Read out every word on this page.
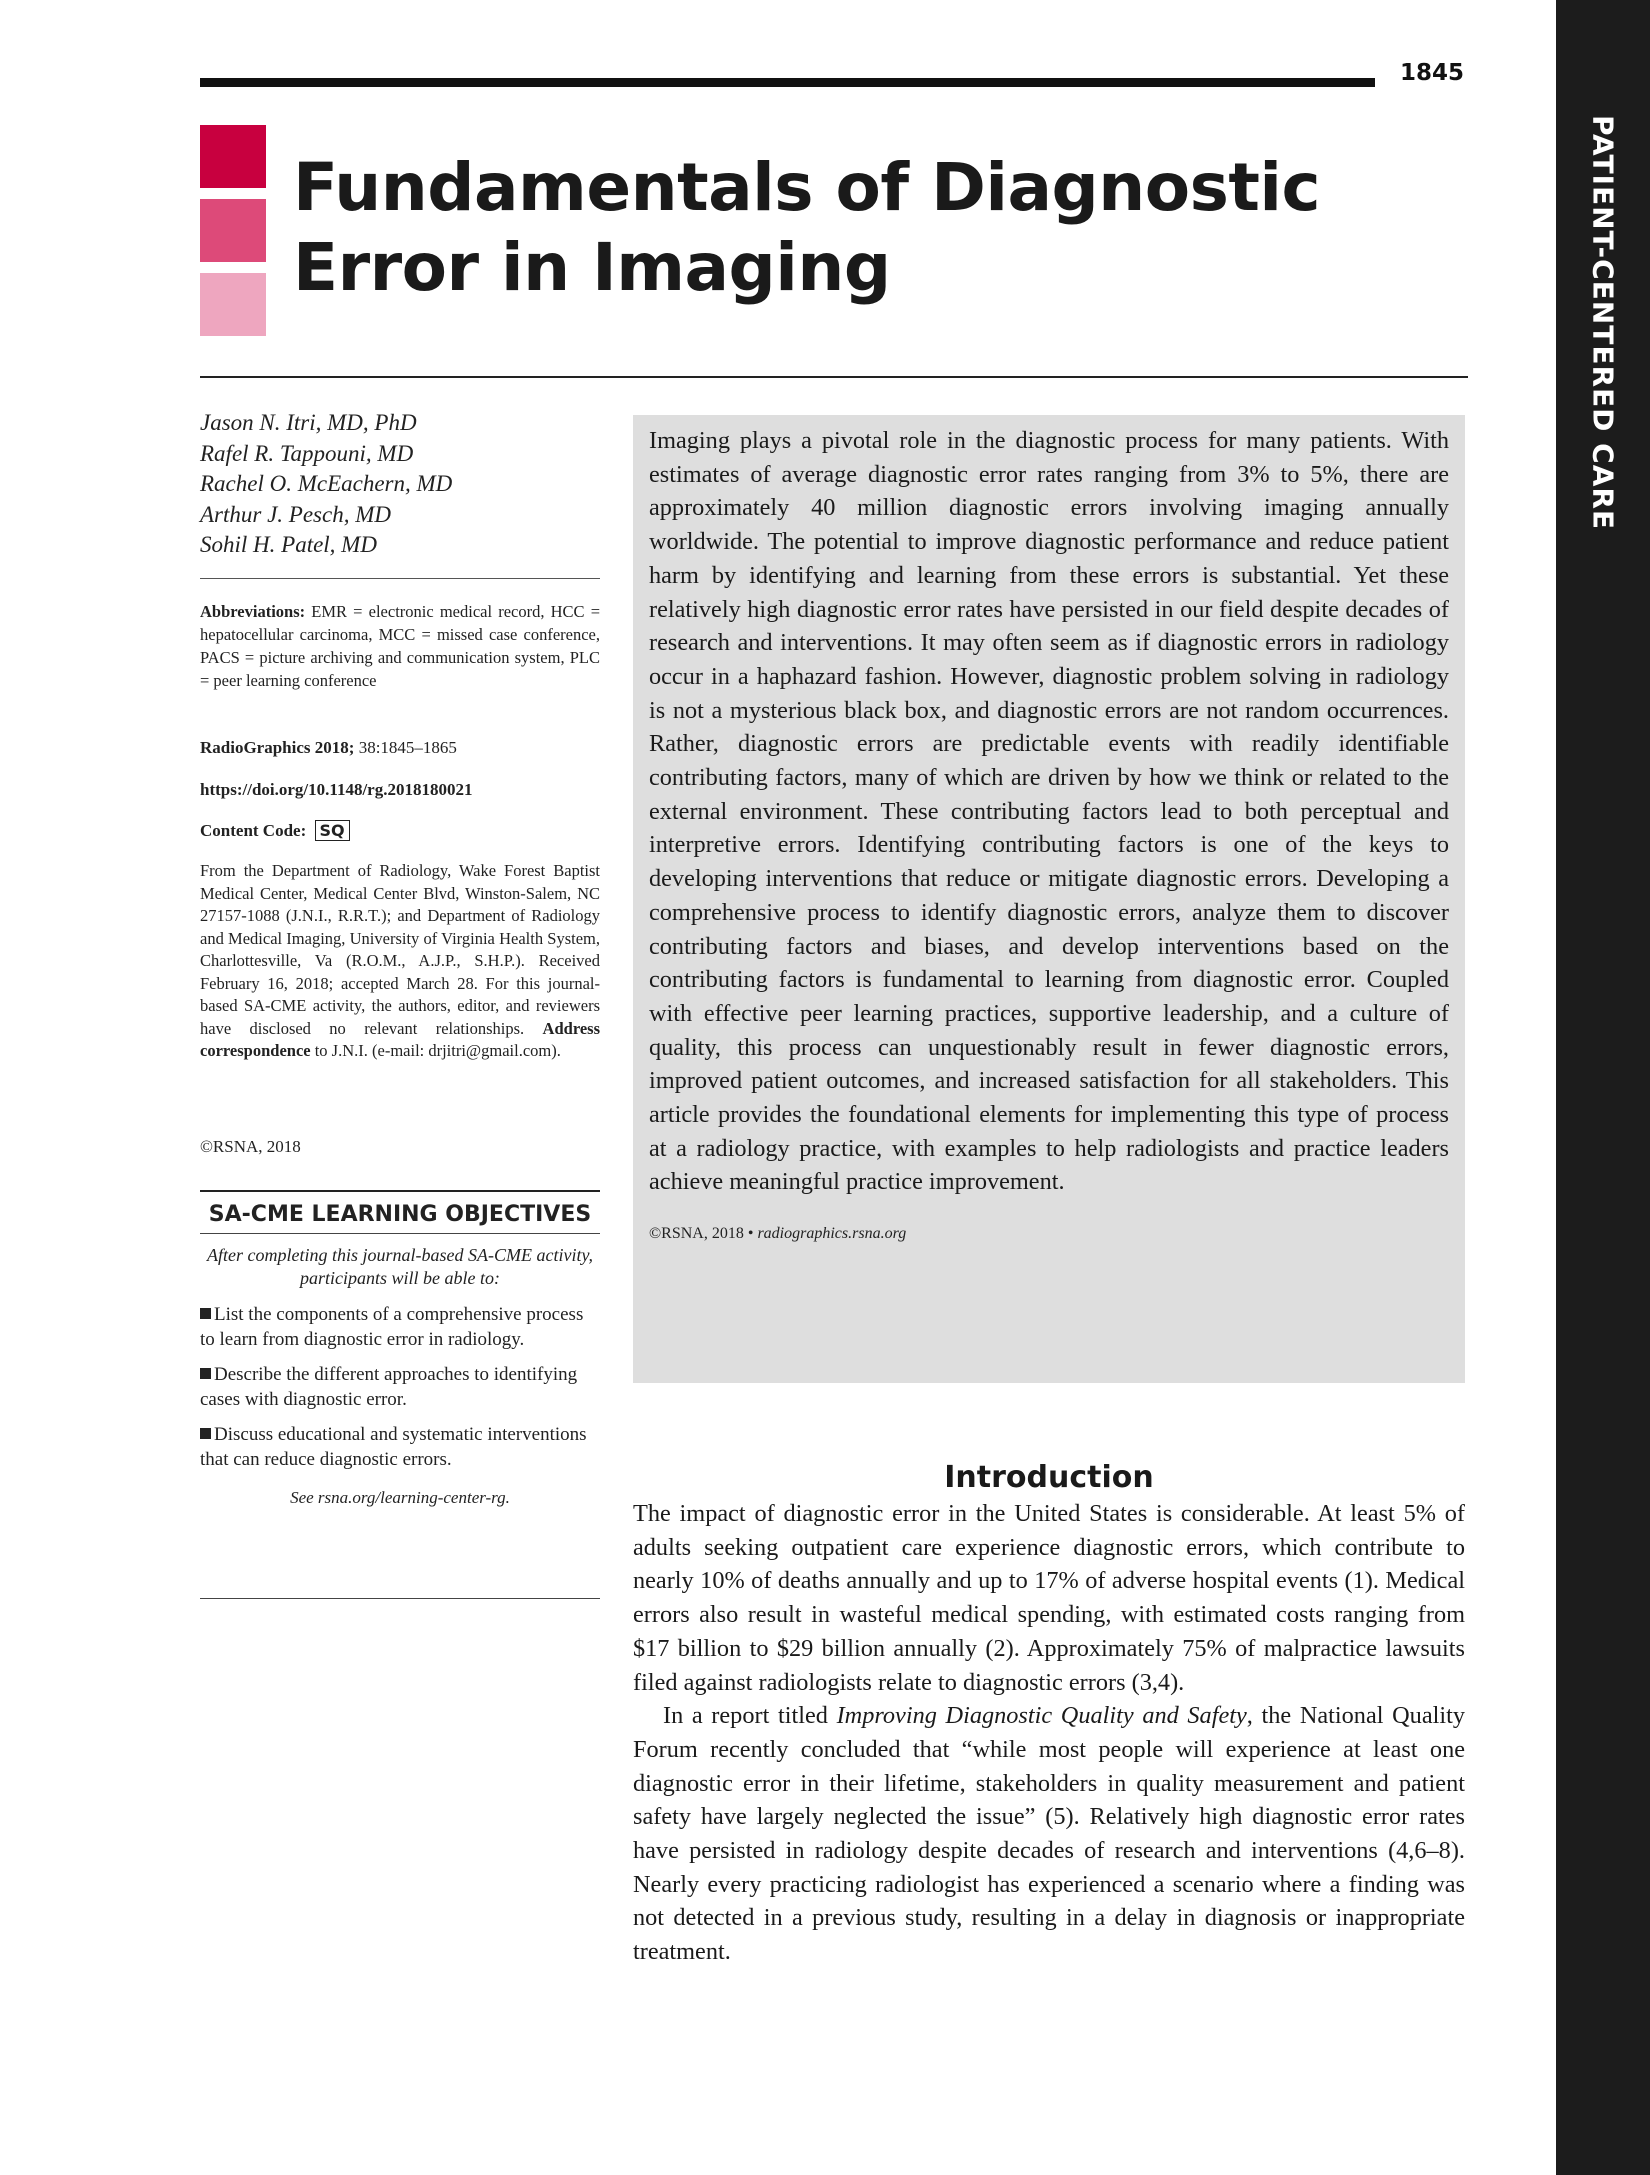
1845
PATIENT-CENTERED CARE
Fundamentals of Diagnostic Error in Imaging
Jason N. Itri, MD, PhD
Rafel R. Tappouni, MD
Rachel O. McEachern, MD
Arthur J. Pesch, MD
Sohil H. Patel, MD

Abbreviations: EMR = electronic medical record, HCC = hepatocellular carcinoma, MCC = missed case conference, PACS = picture archiving and communication system, PLC = peer learning conference

RadioGraphics 2018; 38:1845–1865
https://doi.org/10.1148/rg.2018180021
Content Code: SQ

From the Department of Radiology, Wake Forest Baptist Medical Center, Medical Center Blvd, Winston-Salem, NC 27157-1088 (J.N.I., R.R.T.); and Department of Radiology and Medical Imaging, University of Virginia Health System, Charlottesville, Va (R.O.M., A.J.P., S.H.P.). Received February 16, 2018; accepted March 28. For this journal-based SA-CME activity, the authors, editor, and reviewers have disclosed no relevant relationships. Address correspondence to J.N.I. (e-mail: drjitri@gmail.com).

©RSNA, 2018
SA-CME LEARNING OBJECTIVES

After completing this journal-based SA-CME activity, participants will be able to:

List the components of a comprehensive process to learn from diagnostic error in radiology.
Describe the different approaches to identifying cases with diagnostic error.
Discuss educational and systematic interventions that can reduce diagnostic errors.

See rsna.org/learning-center-rg.

Imaging plays a pivotal role in the diagnostic process for many patients. With estimates of average diagnostic error rates ranging from 3% to 5%, there are approximately 40 million diagnostic errors involving imaging annually worldwide. The potential to improve diagnostic performance and reduce patient harm by identifying and learning from these errors is substantial. Yet these relatively high diagnostic error rates have persisted in our field despite decades of research and interventions. It may often seem as if diagnostic errors in radiology occur in a haphazard fashion. However, diagnostic problem solving in radiology is not a mysterious black box, and diagnostic errors are not random occurrences. Rather, diagnostic errors are predictable events with readily identifiable contributing factors, many of which are driven by how we think or related to the external environment. These contributing factors lead to both perceptual and interpretive errors. Identifying contributing factors is one of the keys to developing interventions that reduce or mitigate diagnostic errors. Developing a comprehensive process to identify diagnostic errors, analyze them to discover contributing factors and biases, and develop interventions based on the contributing factors is fundamental to learning from diagnostic error. Coupled with effective peer learning practices, supportive leadership, and a culture of quality, this process can unquestionably result in fewer diagnostic errors, improved patient outcomes, and increased satisfaction for all stakeholders. This article provides the foundational elements for implementing this type of process at a radiology practice, with examples to help radiologists and practice leaders achieve meaningful practice improvement.

©RSNA, 2018 • radiographics.rsna.org
Introduction

The impact of diagnostic error in the United States is considerable. At least 5% of adults seeking outpatient care experience diagnostic errors, which contribute to nearly 10% of deaths annually and up to 17% of adverse hospital events (1). Medical errors also result in wasteful medical spending, with estimated costs ranging from $17 billion to $29 billion annually (2). Approximately 75% of malpractice lawsuits filed against radiologists relate to diagnostic errors (3,4).

In a report titled Improving Diagnostic Quality and Safety, the National Quality Forum recently concluded that “while most people will experience at least one diagnostic error in their lifetime, stakeholders in quality measurement and patient safety have largely neglected the issue” (5). Relatively high diagnostic error rates have persisted in radiology despite decades of research and interventions (4,6–8). Nearly every practicing radiologist has experienced a scenario where a finding was not detected in a previous study, resulting in a delay in diagnosis or inappropriate treatment.
